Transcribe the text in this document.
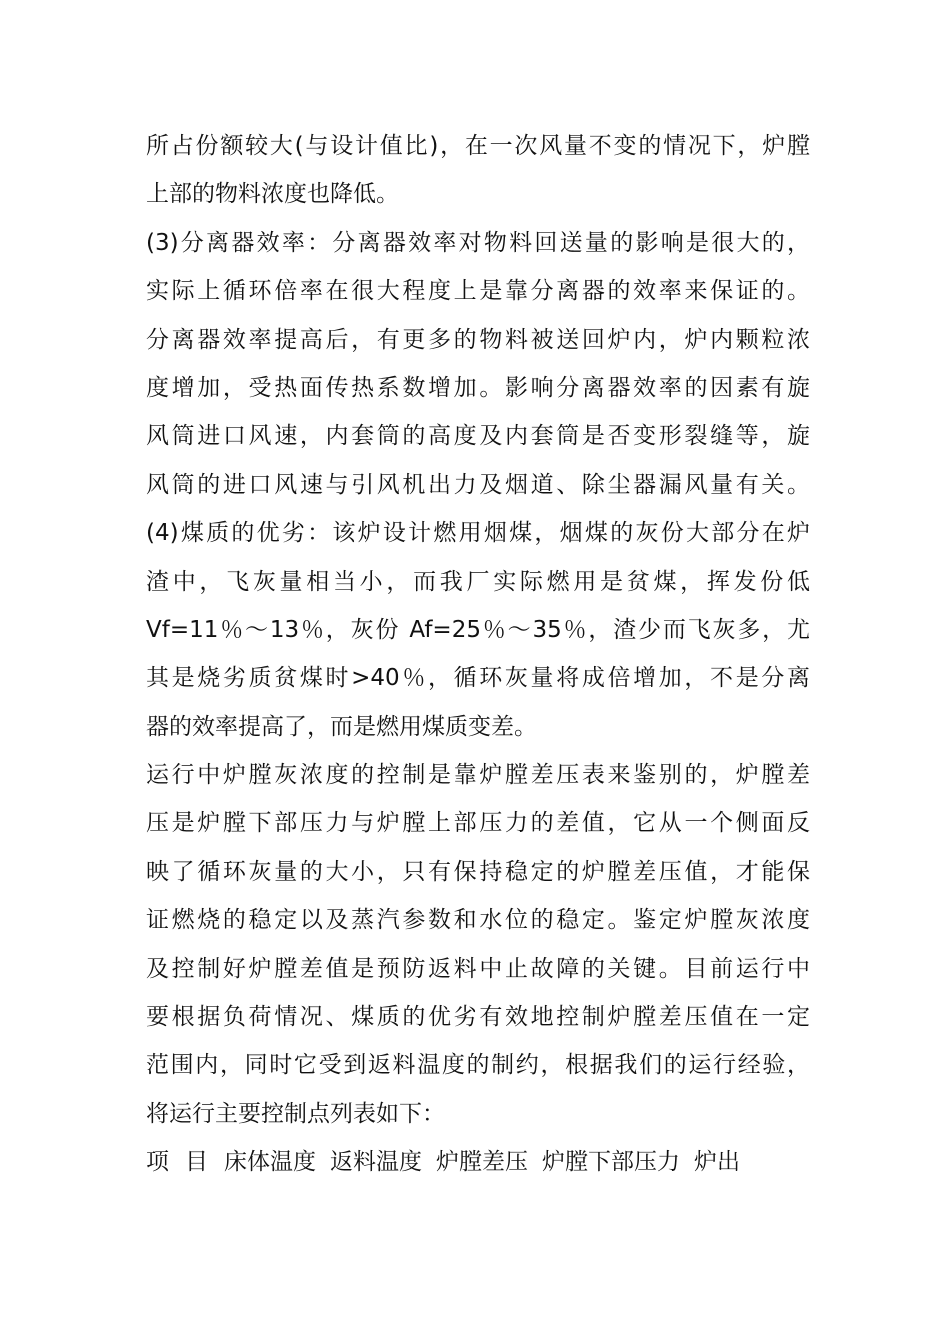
所占份额较大(与设计值比)，在一次风量不变的情况下，炉膛
上部的物料浓度也降低。
(3)分离器效率：分离器效率对物料回送量的影响是很大的，
实际上循环倍率在很大程度上是靠分离器的效率来保证的。
分离器效率提高后，有更多的物料被送回炉内，炉内颗粒浓
度增加，受热面传热系数增加。影响分离器效率的因素有旋
风筒进口风速，内套筒的高度及内套筒是否变形裂缝等，旋
风筒的进口风速与引风机出力及烟道、除尘器漏风量有关。
(4)煤质的优劣：该炉设计燃用烟煤，烟煤的灰份大部分在炉
渣中，飞灰量相当小，而我厂实际燃用是贫煤，挥发份低
Vf=11％～13％，灰份 Af=25％～35％，渣少而飞灰多，尤
其是烧劣质贫煤时>40％，循环灰量将成倍增加，不是分离
器的效率提高了，而是燃用煤质变差。
运行中炉膛灰浓度的控制是靠炉膛差压表来鉴别的，炉膛差
压是炉膛下部压力与炉膛上部压力的差值，它从一个侧面反
映了循环灰量的大小，只有保持稳定的炉膛差压值，才能保
证燃烧的稳定以及蒸汽参数和水位的稳定。鉴定炉膛灰浓度
及控制好炉膛差值是预防返料中止故障的关键。目前运行中
要根据负荷情况、煤质的优劣有效地控制炉膛差压值在一定
范围内，同时它受到返料温度的制约，根据我们的运行经验，
将运行主要控制点列表如下：
项目 床体温度 返料温度 炉膛差压 炉膛下部压力 炉出
